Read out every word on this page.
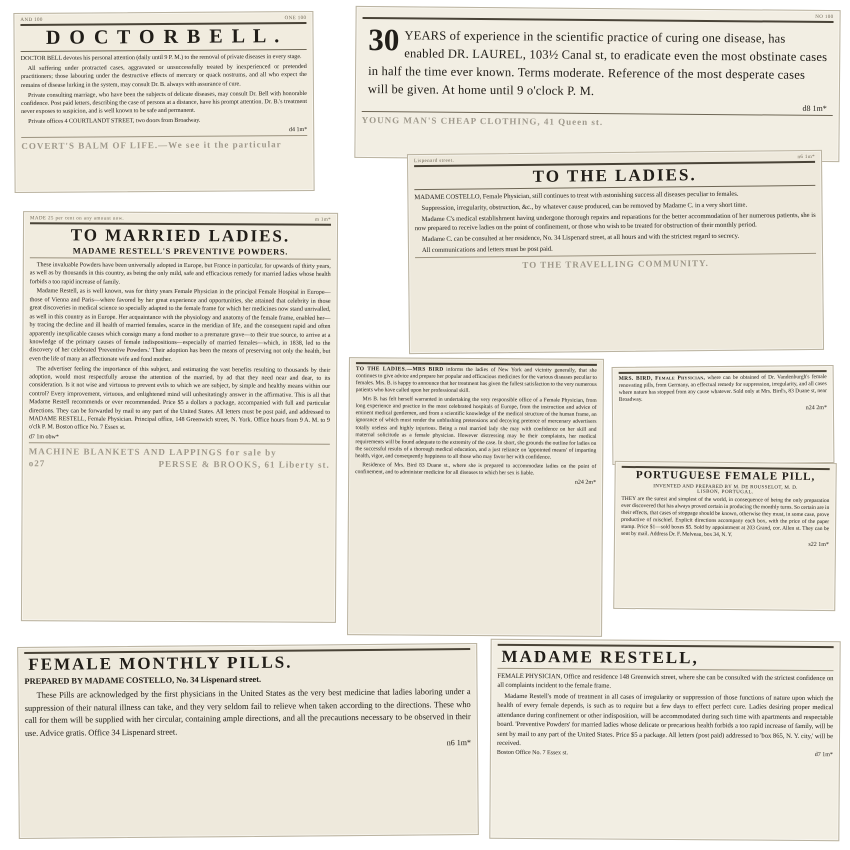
AND 100	ONE 100
D O C T O R B E L L .

DOCTOR BELL devotes his personal attention (daily until 9 P. M.) to the removal of private diseases in every stage.

All suffering under protracted cases, aggravated or unsuccessfully treated by inexperienced or pretended practitioners; those labouring under the destructive effects of mercury or quack nostrums, and all who expect the remains of disease lurking in the system, may consult Dr. B. always with assurance of cure.

Private consulting marriage, who have been the subjects of delicate diseases, may consult Dr. Bell with honorable confidence. Post paid letters, describing the case of persons at a distance, have his prompt attention. Dr. B.'s treatment never exposes to suspicion, and is well known to be safe and permanent.

Private offices 4 COURTLANDT STREET, two doors from Broadway.

d4 1m*
COVERT'S BALM OF LIFE.—We see it the particular
NO 100
30 YEARS of experience in the scientific practice of curing one disease, has enabled DR. LAUREL, 103½ Canal st, to eradicate even the most obstinate cases in half the time ever known. Terms moderate. Reference of the most desperate cases will be given. At home until 9 o'clock P. M.
d8 1m*
YOUNG MAN'S CHEAP CLOTHING, 41 Queen st.
Lispenard street.
n6 1m*
TO THE LADIES.

MADAME COSTELLO, Female Physician, still continues to treat with astonishing success all diseases peculiar to females.

Suppression, irregularity, obstruction, &c., by whatever cause produced, can be removed by Madame C. in a very short time.

Madame C's medical establishment having undergone thorough repairs and reparations for the better accommodation of her numerous patients, she is now prepared to receive ladies on the point of confinement, or those who wish to be treated for obstruction of their monthly period.

Madame C. can be consulted at her residence, No. 34 Lispenard street, at all hours and with the strictest regard to secrecy.

All communications and letters must be post paid.

TO THE TRAVELLING COMMUNITY.
MADE 25 per cent on any amount now.	m 1m*
TO MARRIED LADIES.
MADAME RESTELL'S PREVENTIVE POWDERS.

These invaluable Powders have been universally adopted in Europe, but France in particular, for upwards of thirty years, as well as by thousands in this country, as being the only mild, safe and efficacious remedy for married ladies whose health forbids a too rapid increase of family.

Madame Restell, as is well known, was for thirty years Female Physician in the principal Female Hospital in Europe—those of Vienna and Paris—where favored by her great experience and opportunities, she attained that celebrity in those great discoveries in medical science so specially adapted to the female frame for which her medicines now stand unrivalled, as well in this country as in Europe. Her acquaintance with the physiology and anatomy of the female frame, enabled her—by tracing the decline and ill health of married females, scarce in the meridian of life, and the consequent rapid and often apparently inexplicable causes which consign many a fond mother to a premature grave—to their true source, to arrive at a knowledge of the primary causes of female indispositions—especially of married females—which, in 1838, led to the discovery of her celebrated 'Preventive Powders.' Their adoption has been the means of preserving not only the health, but even the life of many an affectionate wife and fond mother.

The advertiser feeling the importance of this subject, and estimating the vast benefits resulting to thousands by their adoption, would most respectfully arouse the attention of the married, by ad that they need near and dear, to its consideration. Is it not wise and virtuous to prevent evils to which we are subject, by simple and healthy means within our control? Every improvement, virtuous, and enlightened mind will unhesitatingly answer in the affirmative. This is all that Madame Restell recommends or ever recommended. Price $5 a dollars a package, accompanied with full and particular directions. They can be forwarded by mail to any part of the United States. All letters must be post paid, and addressed to MADAME RESTELL, Female Physician. Principal office, 148 Greenwich street, N. York. Office hours from 9 A. M. to 9 o'clk P. M. Boston office No. 7 Essex st.

d7 1m obw*
MACHINE BLANKETS AND LAPPINGS for sale by
o27	PERSSE & BROOKS, 61 Liberty st.

TO THE LADIES.—MRS BIRD informs the ladies of New York and vicinity generally, that she continues to give advice and prepare her popular and efficacious medicines for the various diseases peculiar to females. Mrs. B. is happy to announce that her treatment has given the fullest satisfaction to the very numerous patients who have called upon her professional skill.

Mrs B. has felt herself warranted in undertaking the very responsible office of a Female Physician, from long experience and practice in the most celebrated hospitals of Europe, from the instruction and advice of eminent medical gentlemen, and from a scientific knowledge of the medical structure of the human frame, an ignorance of which must render the unblushing pretensions and decoying pretence of mercenary advertisers totally useless and highly injurious. Being a real married lady she may with confidence on her skill and maternal solicitude as a female physician. However distressing may be their complaints, her medical requirements will be found adequate to the extremity of the case. In short, she grounds the outline for ladies on the successful results of a thorough medical education, and a just reliance on 'appointed means' of imparting health, vigor, and consequently happiness to all those who may favor her with confidence.

Residence of Mrs. Bird 83 Duane st., where she is prepared to accommodate ladies on the point of confinement, and to administer medicine for all diseases to which her sex is liable.

n24 2m*

MRS. BIRD, Female Physician, where can be obtained of Dr. Vandenburgh's female renovating pills, from Germany, an effectual remedy for suppression, irregularity, and all cases where nature has stopped from any cause whatever. Sold only at Mrs. Bird's, 83 Duane st, near Broadway.

n24 2m*
PORTUGUESE FEMALE PILL,
INVENTED AND PREPARED BY M. DE ROUSSELOT, M. D.
LISBON, PORTUGAL.

THEY are the surest and simplest of the world, in consequence of being the only preparation ever discovered that has always proved certain in producing the monthly turns. So certain are in their effects, that cases of stoppage should be known, otherwise they must, in some case, prove productive of mischief. Explicit directions accompany each box, with the price of the paper stamp. Price $1—sold boxes $5. Sold by appointment at 203 Grand, cor. Allen st. They can be sent by mail. Address Dr. F. Melveau, box 34, N. Y.

s22 1m*
FEMALE MONTHLY PILLS.

PREPARED BY MADAME COSTELLO, No. 34 Lispenard street.

These Pills are acknowledged by the first physicians in the United States as the very best medicine that ladies laboring under a suppression of their natural illness can take, and they very seldom fail to relieve when taken according to the directions. These who call for them will be supplied with her circular, containing ample directions, and all the precautions necessary to be observed in their use. Advice gratis. Office 34 Lispenard street.

n6 1m*
MADAME RESTELL,

FEMALE PHYSICIAN, Office and residence 148 Greenwich street, where she can be consulted with the strictest confidence on all complaints incident to the female frame.

Madame Restell's mode of treatment in all cases of irregularity or suppression of those functions of nature upon which the health of every female depends, is such as to require but a few days to effect perfect cure. Ladies desiring proper medical attendance during confinement or other indisposition, will be accommodated during such time with apartments and respectable board. 'Preventive Powders' for married ladies whose delicate or precarious health forbids a too rapid increase of family, will be sent by mail to any part of the United States. Price $5 a package. All letters (post paid) addressed to 'box 865, N. Y. city,' will be received.

Boston Office No. 7 Essex st.	d7 1m*
